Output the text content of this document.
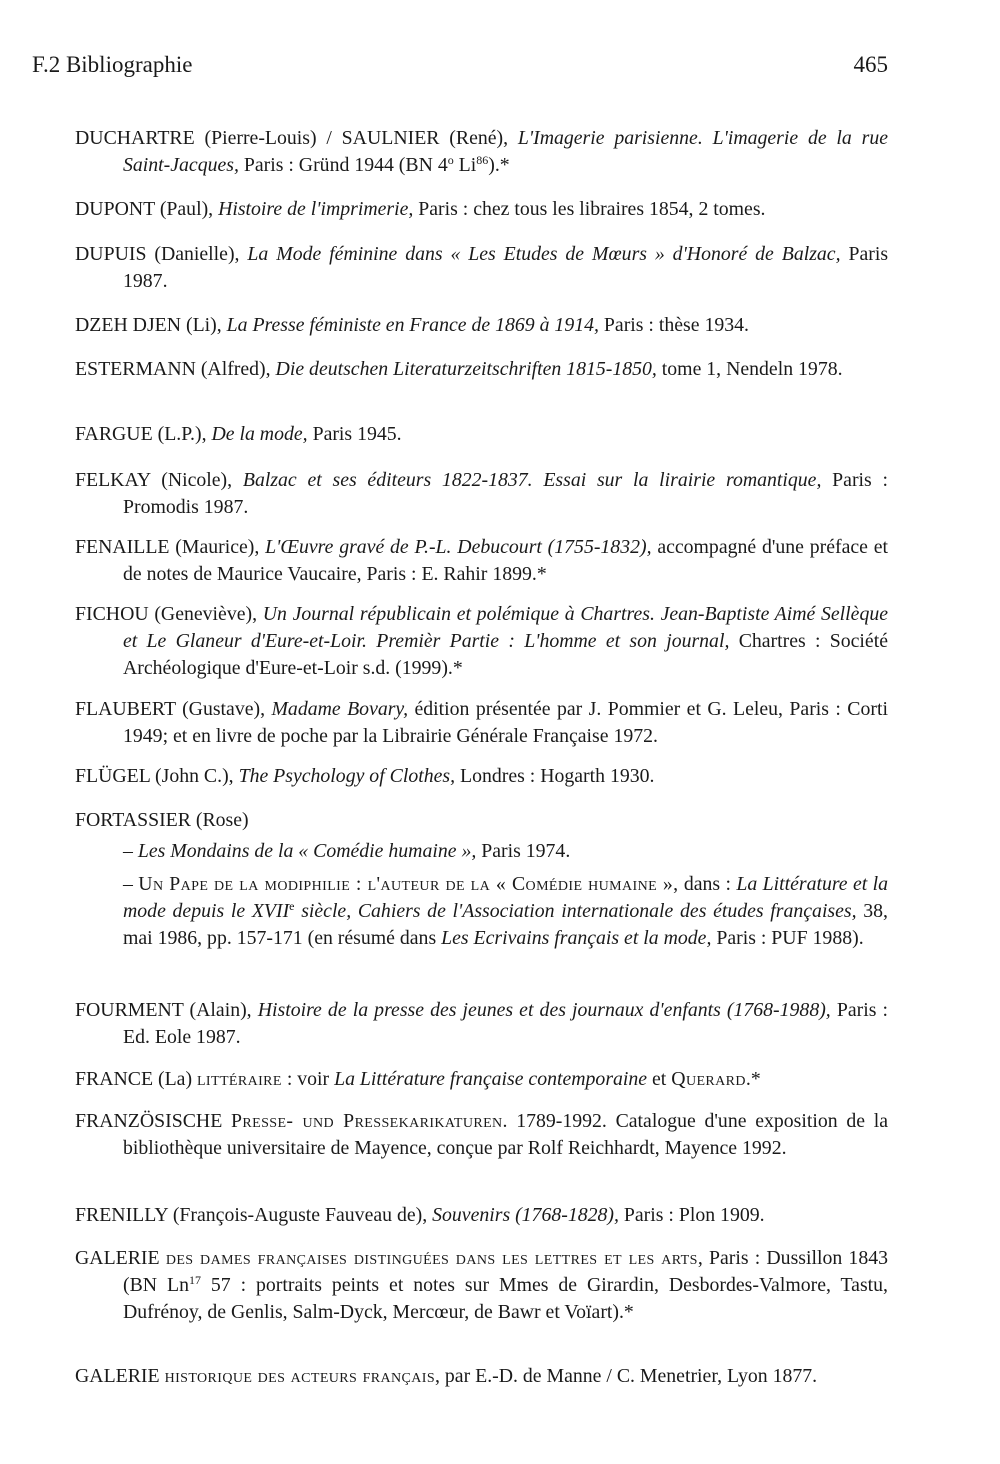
F.2 Bibliographie	465

DUCHARTRE (Pierre-Louis) / SAULNIER (René), L'Imagerie parisienne. L'imagerie de la rue Saint-Jacques, Paris : Gründ 1944 (BN 4$^o$ Li$^{86}$).*

DUPONT (Paul), Histoire de l'imprimerie, Paris : chez tous les libraires 1854, 2 tomes.

DUPUIS (Danielle), La Mode féminine dans « Les Etudes de Mœurs » d'Honoré de Balzac, Paris 1987.

DZEH DJEN (Li), La Presse féministe en France de 1869 à 1914, Paris : thèse 1934.

ESTERMANN (Alfred), Die deutschen Literaturzeitschriften 1815-1850, tome 1, Nendeln 1978.

FARGUE (L.P.), De la mode, Paris 1945.

FELKAY (Nicole), Balzac et ses éditeurs 1822-1837. Essai sur la lirairie romantique, Paris : Promodis 1987.

FENAILLE (Maurice), L'Œuvre gravé de P.-L. Debucourt (1755-1832), accompagné d'une préface et de notes de Maurice Vaucaire, Paris : E. Rahir 1899.*

FICHOU (Geneviève), Un Journal républicain et polémique à Chartres. Jean-Baptiste Aimé Sellèque et Le Glaneur d'Eure-et-Loir. Premièr Partie : L'homme et son journal, Chartres : Société Archéologique d'Eure-et-Loir s.d. (1999).*

FLAUBERT (Gustave), Madame Bovary, édition présentée par J. Pommier et G. Leleu, Paris : Corti 1949; et en livre de poche par la Librairie Générale Française 1972.

FLÜGEL (John C.), The Psychology of Clothes, Londres : Hogarth 1930.

FORTASSIER (Rose)

– Les Mondains de la « Comédie humaine », Paris 1974.

– Un Pape de la modiphilie : l'auteur de la « Comédie humaine », dans : La Littérature et la mode depuis le XVIIe siècle, Cahiers de l'Association internationale des études françaises, 38, mai 1986, pp. 157-171 (en résumé dans Les Ecrivains français et la mode, Paris : PUF 1988).

FOURMENT (Alain), Histoire de la presse des jeunes et des journaux d'enfants (1768-1988), Paris : Ed. Eole 1987.

FRANCE (La) littéraire : voir La Littérature française contemporaine et Querard.*

FRANZÖSISCHE Presse- und Pressekarikaturen. 1789-1992. Catalogue d'une exposition de la bibliothèque universitaire de Mayence, conçue par Rolf Reichhardt, Mayence 1992.

FRENILLY (François-Auguste Fauveau de), Souvenirs (1768-1828), Paris : Plon 1909.

GALERIE des dames françaises distinguées dans les lettres et les arts, Paris : Dussillon 1843 (BN Ln$^{17}$ 57 : portraits peints et notes sur Mmes de Girardin, Desbordes-Valmore, Tastu, Dufrénoy, de Genlis, Salm-Dyck, Mercœur, de Bawr et Voïart).*

GALERIE historique des acteurs français, par E.-D. de Manne / C. Menetrier, Lyon 1877.
